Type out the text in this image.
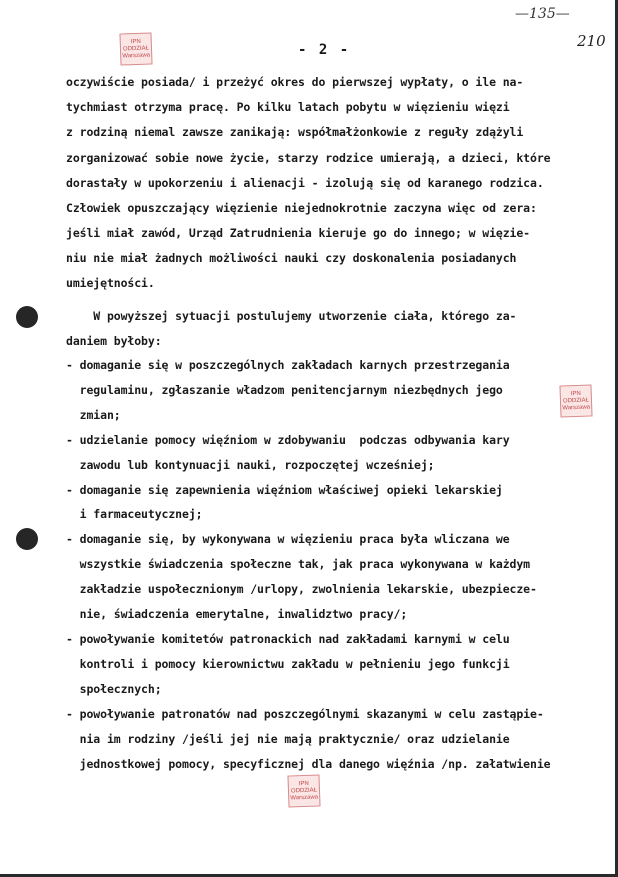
—135—
210
- 2 -
IPN
ODDZIAŁ
Warszawa
IPN
ODDZIAŁ
Warszawa
IPN
ODDZIAŁ
Warszawa
oczywiście posiada/ i przeżyć okres do pierwszej wypłaty, o ile na-
tychmiast otrzyma pracę. Po kilku latach pobytu w więzieniu więzi
z rodziną niemal zawsze zanikają: współmałżonkowie z reguły zdążyli
zorganizować sobie nowe życie, starzy rodzice umierają, a dzieci, które
dorastały w upokorzeniu i alienacji - izolują się od karanego rodzica.
Człowiek opuszczający więzienie niejednokrotnie zaczyna więc od zera:
jeśli miał zawód, Urząd Zatrudnienia kieruje go do innego; w więzie-
niu nie miał żadnych możliwości nauki czy doskonalenia posiadanych
umiejętności.
W powyższej sytuacji postulujemy utworzenie ciała, którego za-
daniem byłoby:
- domaganie się w poszczególnych zakładach karnych przestrzegania
regulaminu, zgłaszanie władzom penitencjarnym niezbędnych jego
zmian;
- udzielanie pomocy więźniom w zdobywaniu  podczas odbywania kary
zawodu lub kontynuacji nauki, rozpoczętej wcześniej;
- domaganie się zapewnienia więźniom właściwej opieki lekarskiej
i farmaceutycznej;
- domaganie się, by wykonywana w więzieniu praca była wliczana we
wszystkie świadczenia społeczne tak, jak praca wykonywana w każdym
zakładzie uspołecznionym /urlopy, zwolnienia lekarskie, ubezpiecze-
nie, świadczenia emerytalne, inwalidztwo pracy/;
- powoływanie komitetów patronackich nad zakładami karnymi w celu
kontroli i pomocy kierownictwu zakładu w pełnieniu jego funkcji
społecznych;
- powoływanie patronatów nad poszczególnymi skazanymi w celu zastąpie-
nia im rodziny /jeśli jej nie mają praktycznie/ oraz udzielanie
jednostkowej pomocy, specyficznej dla danego więźnia /np. załatwienie
